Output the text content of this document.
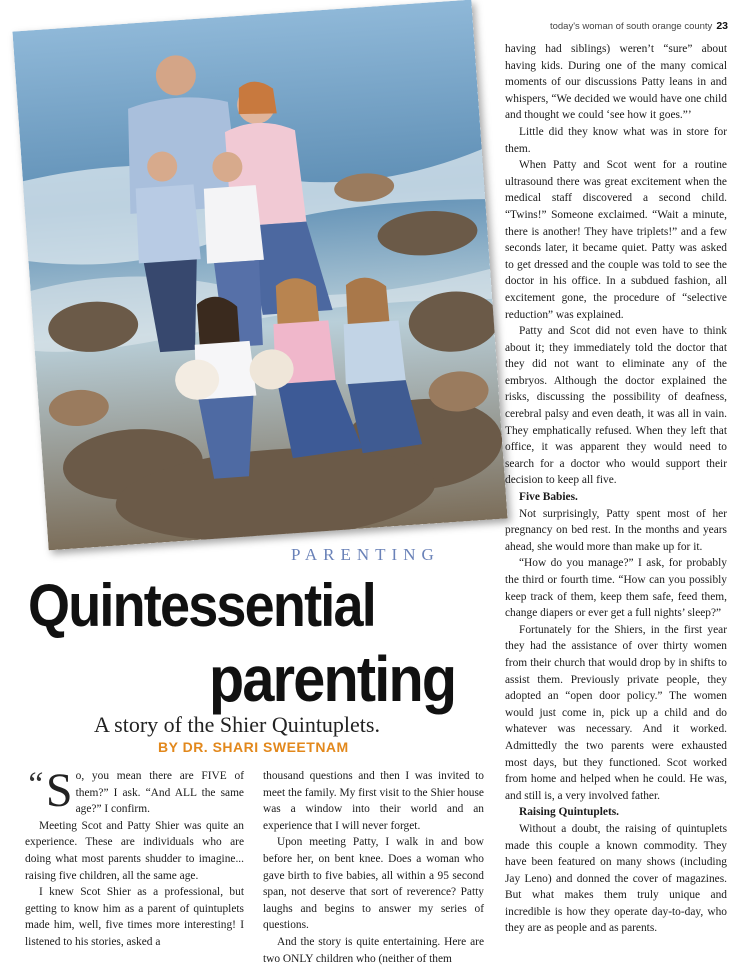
today's woman of south orange county 23
PARENTING
Quintessential
parenting
A story of the Shier Quintuplets.
BY DR. SHARI SWEETNAM
“ S o, you mean there are FIVE of them?” I ask. “And ALL the same age?” I confirm.

Meeting Scot and Patty Shier was quite an experience. These are individuals who are doing what most parents shudder to imagine... raising five children, all the same age.

I knew Scot Shier as a professional, but getting to know him as a parent of quintuplets made him, well, five times more interesting! I listened to his stories, asked a

thousand questions and then I was invited to meet the family. My first visit to the Shier house was a window into their world and an experience that I will never forget.

Upon meeting Patty, I walk in and bow before her, on bent knee. Does a woman who gave birth to five babies, all within a 95 second span, not deserve that sort of reverence? Patty laughs and begins to answer my series of questions.

And the story is quite entertaining. Here are two ONLY children who (neither of them

having had siblings) weren’t “sure” about having kids. During one of the many comical moments of our discussions Patty leans in and whispers, “We decided we would have one child and thought we could ‘see how it goes.”’

Little did they know what was in store for them.

When Patty and Scot went for a routine ultrasound there was great excitement when the medical staff discovered a second child. “Twins!” Someone exclaimed. “Wait a minute, there is another! They have triplets!” and a few seconds later, it became quiet. Patty was asked to get dressed and the couple was told to see the doctor in his office. In a subdued fashion, all excitement gone, the procedure of “selective reduction” was explained.

Patty and Scot did not even have to think about it; they immediately told the doctor that they did not want to eliminate any of the embryos. Although the doctor explained the risks, discussing the possibility of deafness, cerebral palsy and even death, it was all in vain. They emphatically refused. When they left that office, it was apparent they would need to search for a doctor who would support their decision to keep all five.

Five Babies.

Not surprisingly, Patty spent most of her pregnancy on bed rest. In the months and years ahead, she would more than make up for it.

“How do you manage?” I ask, for probably the third or fourth time. “How can you possibly keep track of them, keep them safe, feed them, change diapers or ever get a full nights’ sleep?”

Fortunately for the Shiers, in the first year they had the assistance of over thirty women from their church that would drop by in shifts to assist them. Previously private people, they adopted an “open door policy.” The women would just come in, pick up a child and do whatever was necessary. And it worked. Admittedly the two parents were exhausted most days, but they functioned. Scot worked from home and helped when he could. He was, and still is, a very involved father.

Raising Quintuplets.

Without a doubt, the raising of quintuplets made this couple a known commodity. They have been featured on many shows (including Jay Leno) and donned the cover of magazines. But what makes them truly unique and incredible is how they operate day-to-day, who they are as people and as parents.
